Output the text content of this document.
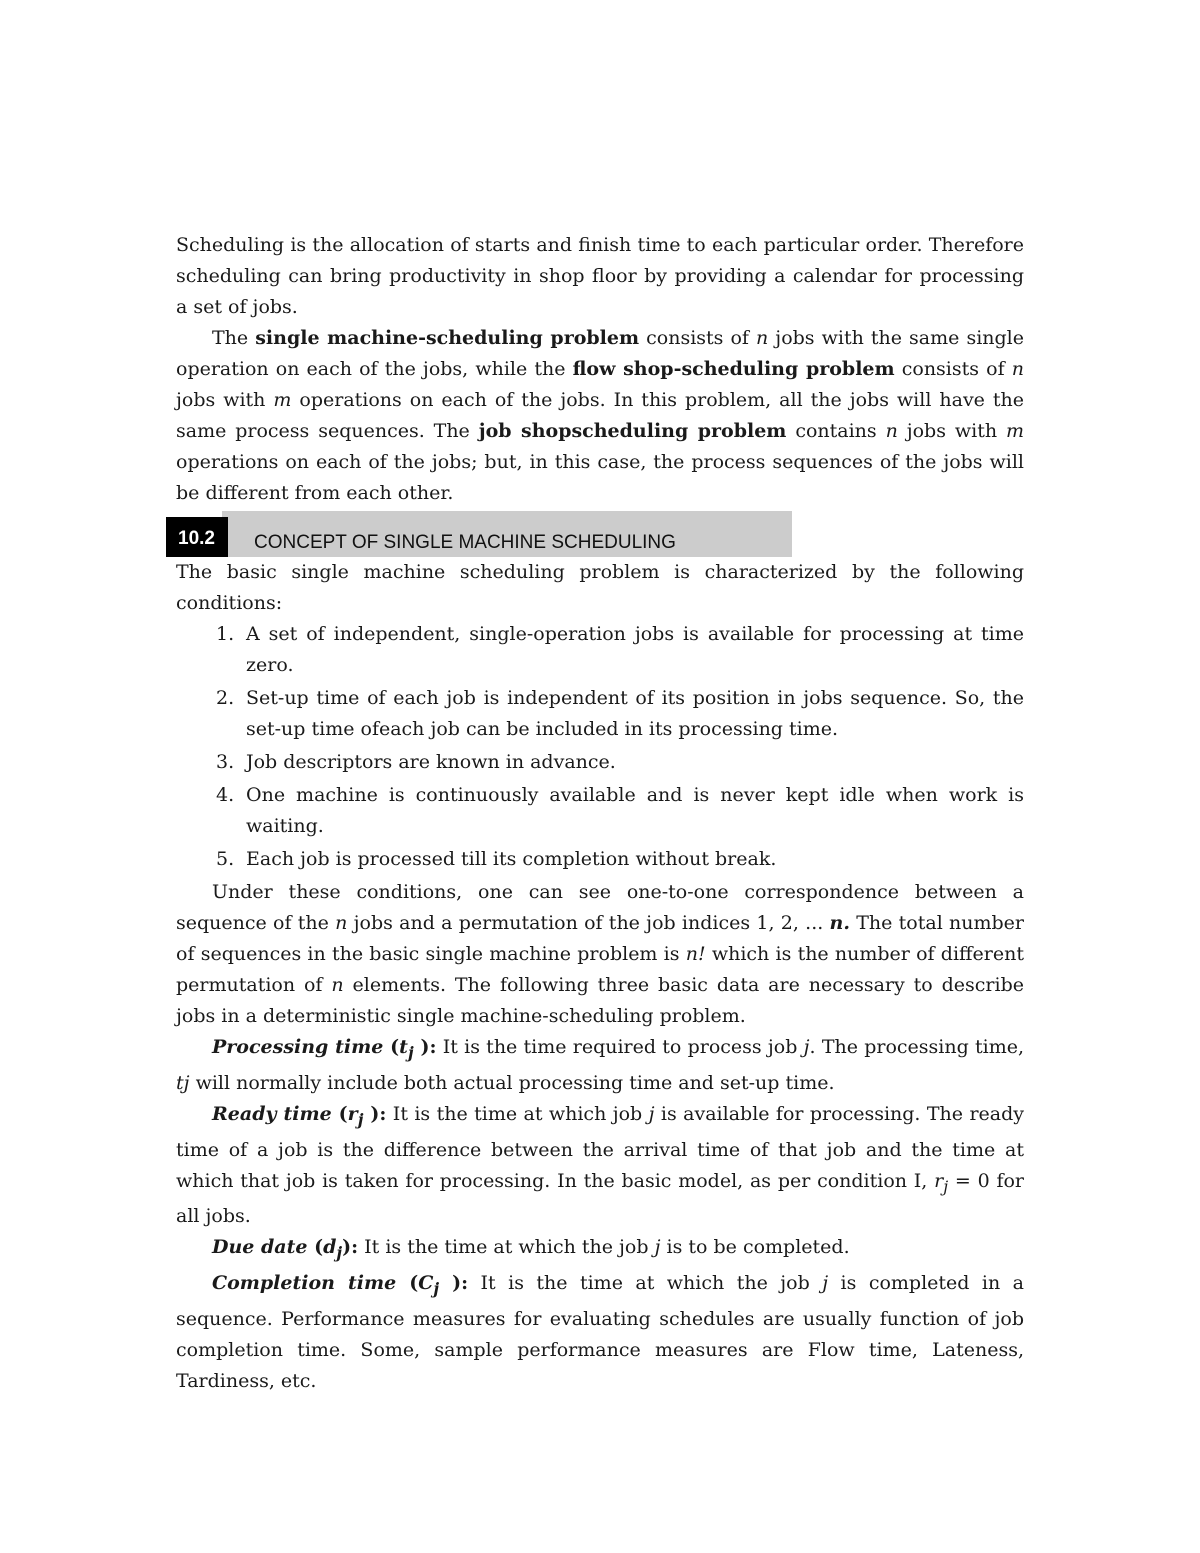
Scheduling is the allocation of starts and finish time to each particular order. Therefore scheduling can bring productivity in shop floor by providing a calendar for processing a set of jobs.

The single machine-scheduling problem consists of n jobs with the same single operation on each of the jobs, while the flow shop-scheduling problem consists of n jobs with m operations on each of the jobs. In this problem, all the jobs will have the same process sequences. The job shopscheduling problem contains n jobs with m operations on each of the jobs; but, in this case, the process sequences of the jobs will be different from each other.

10.2	CONCEPT OF SINGLE MACHINE SCHEDULING

The basic single machine scheduling problem is characterized by the following conditions:

1. A set of independent, single-operation jobs is available for processing at time zero.
2. Set-up time of each job is independent of its position in jobs sequence. So, the set-up time ofeach job can be included in its processing time.
3. Job descriptors are known in advance.
4. One machine is continuously available and is never kept idle when work is waiting.
5. Each job is processed till its completion without break.

Under these conditions, one can see one-to-one correspondence between a sequence of the n jobs and a permutation of the job indices 1, 2, ... n. The total number of sequences in the basic single machine problem is n! which is the number of different permutation of n elements. The following three basic data are necessary to describe jobs in a deterministic single machine-scheduling problem.

Processing time ($t_j$ ): It is the time required to process job j. The processing time, tj will normally include both actual processing time and set-up time.

Ready time ($r_j$ ): It is the time at which job j is available for processing. The ready time of a job is the difference between the arrival time of that job and the time at which that job is taken for processing. In the basic model, as per condition I, $r_j = 0$ for all jobs.

Due date $(d_j)$: It is the time at which the job j is to be completed.

Completion time ($C_j$ ): It is the time at which the job j is completed in a sequence. Performance measures for evaluating schedules are usually function of job completion time. Some, sample performance measures are Flow time, Lateness, Tardiness, etc.
